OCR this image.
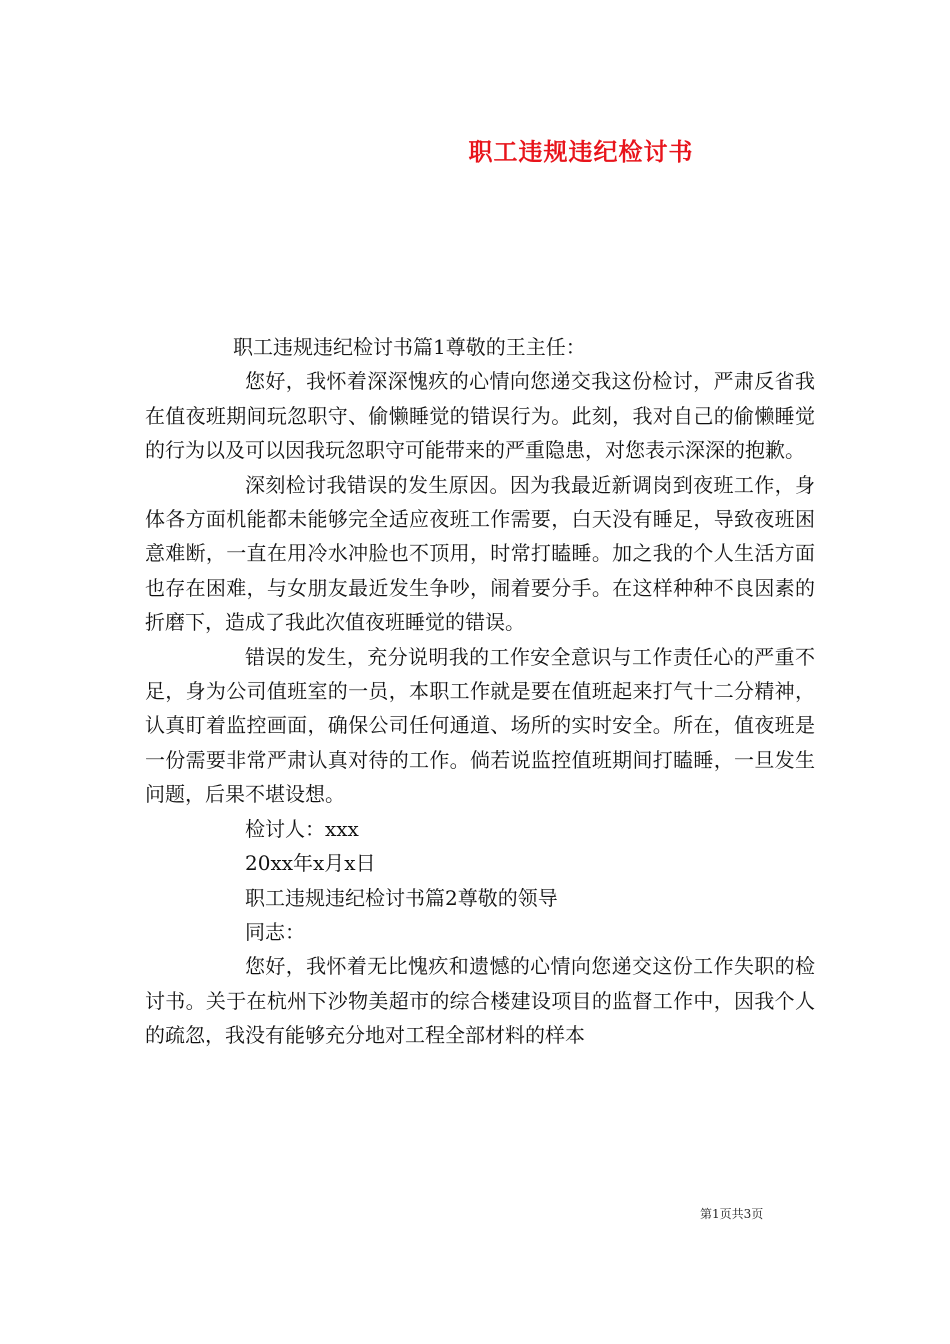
职工违规违纪检讨书

职工违规违纪检讨书篇1尊敬的王主任：

您好，我怀着深深愧疚的心情向您递交我这份检讨，严肃反省我在值夜班期间玩忽职守、偷懒睡觉的错误行为。此刻，我对自己的偷懒睡觉的行为以及可以因我玩忽职守可能带来的严重隐患，对您表示深深的抱歉。

深刻检讨我错误的发生原因。因为我最近新调岗到夜班工作，身体各方面机能都未能够完全适应夜班工作需要，白天没有睡足，导致夜班困意难断，一直在用冷水冲脸也不顶用，时常打瞌睡。加之我的个人生活方面也存在困难，与女朋友最近发生争吵，闹着要分手。在这样种种不良因素的折磨下，造成了我此次值夜班睡觉的错误。

错误的发生，充分说明我的工作安全意识与工作责任心的严重不足，身为公司值班室的一员，本职工作就是要在值班起来打气十二分精神，认真盯着监控画面，确保公司任何通道、场所的实时安全。所在，值夜班是一份需要非常严肃认真对待的工作。倘若说监控值班期间打瞌睡，一旦发生问题，后果不堪设想。

检讨人：xxx

20xx年x月x日

职工违规违纪检讨书篇2尊敬的领导

同志：

您好，我怀着无比愧疚和遗憾的心情向您递交这份工作失职的检讨书。关于在杭州下沙物美超市的综合楼建设项目的监督工作中，因我个人的疏忽，我没有能够充分地对工程全部材料的样本

第1页共3页
